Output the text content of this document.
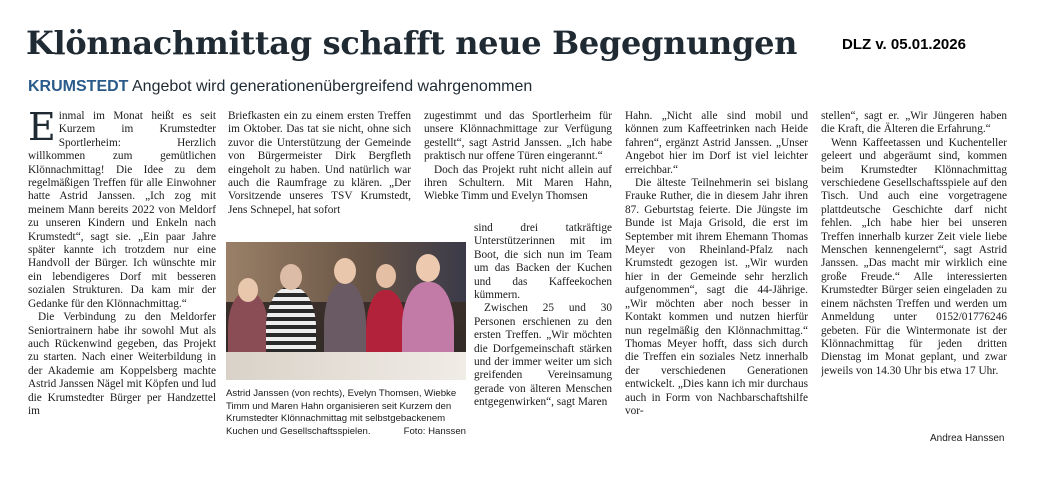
Klönnachmittag schafft neue Begegnungen	DLZ v. 05.01.2026
KRUMSTEDT Angebot wird generationenübergreifend wahrgenommen

Einmal im Monat heißt es seit Kurzem im Krumstedter Sportlerheim: Herzlich willkommen zum gemütlichen Klönnachmittag! Die Idee zu dem regelmäßigen Treffen für alle Einwohner hatte Astrid Janssen. „Ich zog mit meinem Mann bereits 2022 von Meldorf zu unseren Kindern und Enkeln nach Krumstedt“, sagt sie. „Ein paar Jahre später kannte ich trotzdem nur eine Handvoll der Bürger. Ich wünschte mir ein lebendigeres Dorf mit besseren sozialen Strukturen. Da kam mir der Gedanke für den Klönnachmittag.“

Die Verbindung zu den Meldorfer Seniortrainern habe ihr sowohl Mut als auch Rückenwind gegeben, das Projekt zu starten. Nach einer Weiterbildung in der Akademie am Koppelsberg machte Astrid Janssen Nägel mit Köpfen und lud die Krumstedter Bürger per Handzettel im

Briefkasten ein zu einem ersten Treffen im Oktober. Das tat sie nicht, ohne sich zuvor die Unterstützung der Gemeinde von Bürgermeister Dirk Bergfleth eingeholt zu haben. Und natürlich war auch die Raumfrage zu klären. „Der Vorsitzende unseres TSV Krumstedt, Jens Schnepel, hat sofort

zugestimmt und das Sportlerheim für unsere Klönnachmittage zur Verfügung gestellt“, sagt Astrid Janssen. „Ich habe praktisch nur offene Türen eingerannt.“

Doch das Projekt ruht nicht allein auf ihren Schultern. Mit Maren Hahn, Wiebke Timm und Evelyn Thomsen

sind drei tatkräftige Unterstützerinnen mit im Boot, die sich nun im Team um das Backen der Kuchen und das Kaffeekochen kümmern.

Zwischen 25 und 30 Personen erschienen zu den ersten Treffen. „Wir möchten die Dorfgemeinschaft stärken und der immer weiter um sich greifenden Vereinsamung gerade von älteren Menschen entgegenwirken“, sagt Maren

Astrid Janssen (von rechts), Evelyn Thomsen, Wiebke Timm und Maren Hahn organisieren seit Kurzem den Krumstedter Klönnachmittag mit selbstgebackenem Kuchen und Gesellschaftsspielen.	Foto: Hanssen

Hahn. „Nicht alle sind mobil und können zum Kaffeetrinken nach Heide fahren“, ergänzt Astrid Janssen. „Unser Angebot hier im Dorf ist viel leichter erreichbar.“

Die älteste Teilnehmerin sei bislang Frauke Ruther, die in diesem Jahr ihren 87. Geburtstag feierte. Die Jüngste im Bunde ist Maja Grisold, die erst im September mit ihrem Ehemann Thomas Meyer von Rheinland-Pfalz nach Krumstedt gezogen ist. „Wir wurden hier in der Gemeinde sehr herzlich aufgenommen“, sagt die 44-Jährige. „Wir möchten aber noch besser in Kontakt kommen und nutzen hierfür nun regelmäßig den Klönnachmittag.“ Thomas Meyer hofft, dass sich durch die Treffen ein soziales Netz innerhalb der verschiedenen Generationen entwickelt. „Dies kann ich mir durchaus auch in Form von Nachbarschaftshilfe vor-

stellen“, sagt er. „Wir Jüngeren haben die Kraft, die Älteren die Erfahrung.“

Wenn Kaffeetassen und Kuchenteller geleert und abgeräumt sind, kommen beim Krumstedter Klönnachmittag verschiedene Gesellschaftsspiele auf den Tisch. Und auch eine vorgetragene plattdeutsche Geschichte darf nicht fehlen. „Ich habe hier bei unseren Treffen innerhalb kurzer Zeit viele liebe Menschen kennengelernt“, sagt Astrid Janssen. „Das macht mir wirklich eine große Freude.“ Alle interessierten Krumstedter Bürger seien eingeladen zu einem nächsten Treffen und werden um Anmeldung unter 0152/01776246 gebeten. Für die Wintermonate ist der Klönnachmittag für jeden dritten Dienstag im Monat geplant, und zwar jeweils von 14.30 Uhr bis etwa 17 Uhr.

Andrea Hanssen
